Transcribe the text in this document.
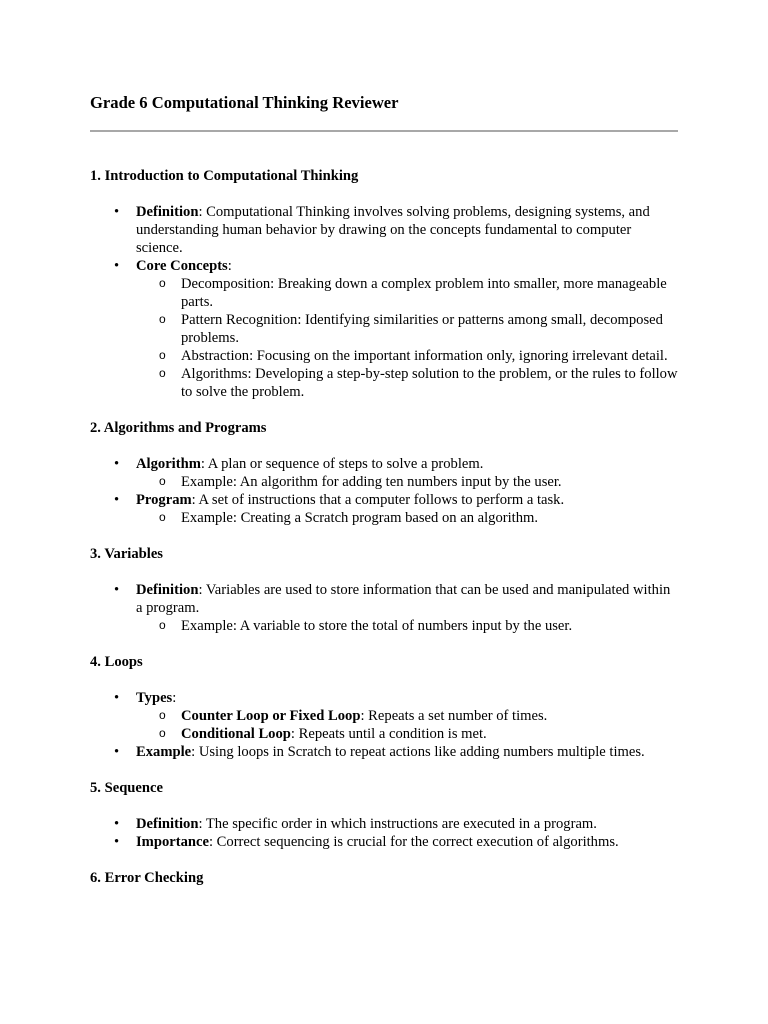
Grade 6 Computational Thinking Reviewer
1. Introduction to Computational Thinking
• Definition: Computational Thinking involves solving problems, designing systems, and understanding human behavior by drawing on the concepts fundamental to computer science.
• Core Concepts:
o Decomposition: Breaking down a complex problem into smaller, more manageable parts.
o Pattern Recognition: Identifying similarities or patterns among small, decomposed problems.
o Abstraction: Focusing on the important information only, ignoring irrelevant detail.
o Algorithms: Developing a step-by-step solution to the problem, or the rules to follow to solve the problem.
2. Algorithms and Programs
• Algorithm: A plan or sequence of steps to solve a problem.
o Example: An algorithm for adding ten numbers input by the user.
• Program: A set of instructions that a computer follows to perform a task.
o Example: Creating a Scratch program based on an algorithm.
3. Variables
• Definition: Variables are used to store information that can be used and manipulated within a program.
o Example: A variable to store the total of numbers input by the user.
4. Loops
• Types:
o Counter Loop or Fixed Loop: Repeats a set number of times.
o Conditional Loop: Repeats until a condition is met.
• Example: Using loops in Scratch to repeat actions like adding numbers multiple times.
5. Sequence
• Definition: The specific order in which instructions are executed in a program.
• Importance: Correct sequencing is crucial for the correct execution of algorithms.
6. Error Checking
